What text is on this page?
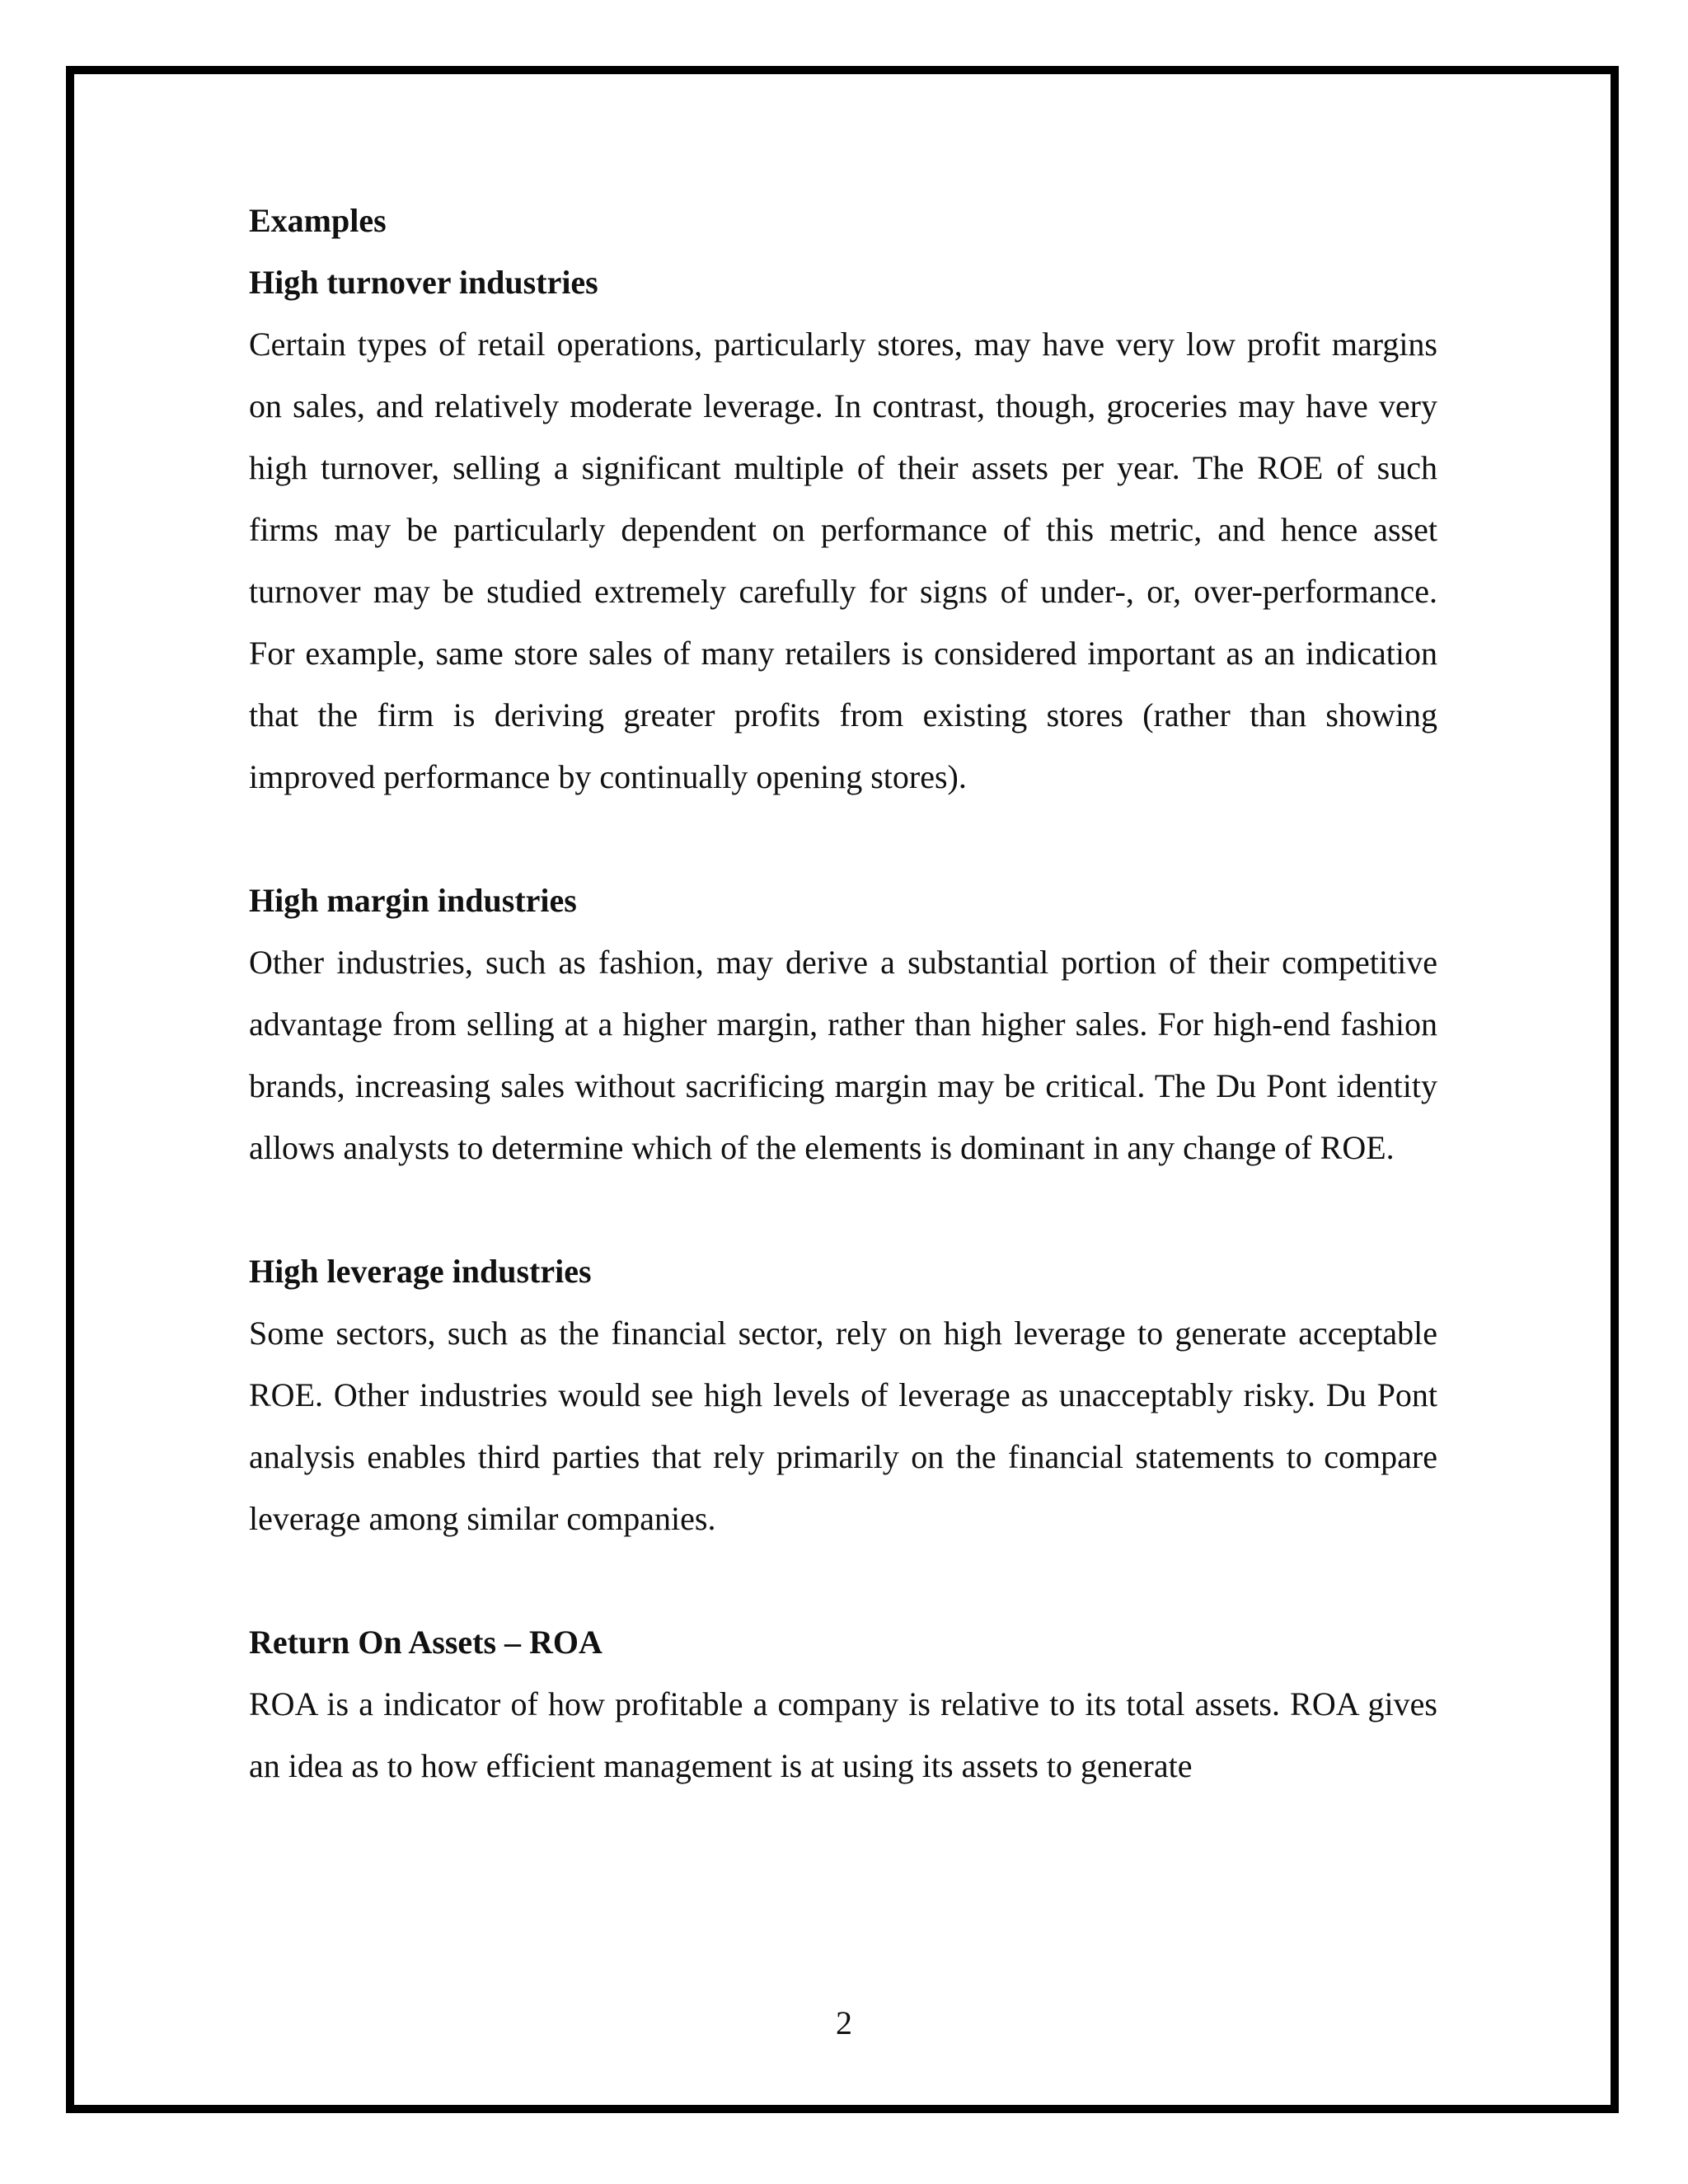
Examples

High turnover industries

Certain types of retail operations, particularly stores, may have very low profit margins on sales, and relatively moderate leverage. In contrast, though, groceries may have very high turnover, selling a significant multiple of their assets per year. The ROE of such firms may be particularly dependent on performance of this metric, and hence asset turnover may be studied extremely carefully for signs of under-, or, over-performance. For example, same store sales of many retailers is considered important as an indication that the firm is deriving greater profits from existing stores (rather than showing improved performance by continually opening stores).

High margin industries

Other industries, such as fashion, may derive a substantial portion of their competitive advantage from selling at a higher margin, rather than higher sales. For high-end fashion brands, increasing sales without sacrificing margin may be critical. The Du Pont identity allows analysts to determine which of the elements is dominant in any change of ROE.

High leverage industries

Some sectors, such as the financial sector, rely on high leverage to generate acceptable ROE. Other industries would see high levels of leverage as unacceptably risky. Du Pont analysis enables third parties that rely primarily on the financial statements to compare leverage among similar companies.

Return On Assets – ROA

ROA is a indicator of how profitable a company is relative to its total assets. ROA gives an idea as to how efficient management is at using its assets to generate

2
